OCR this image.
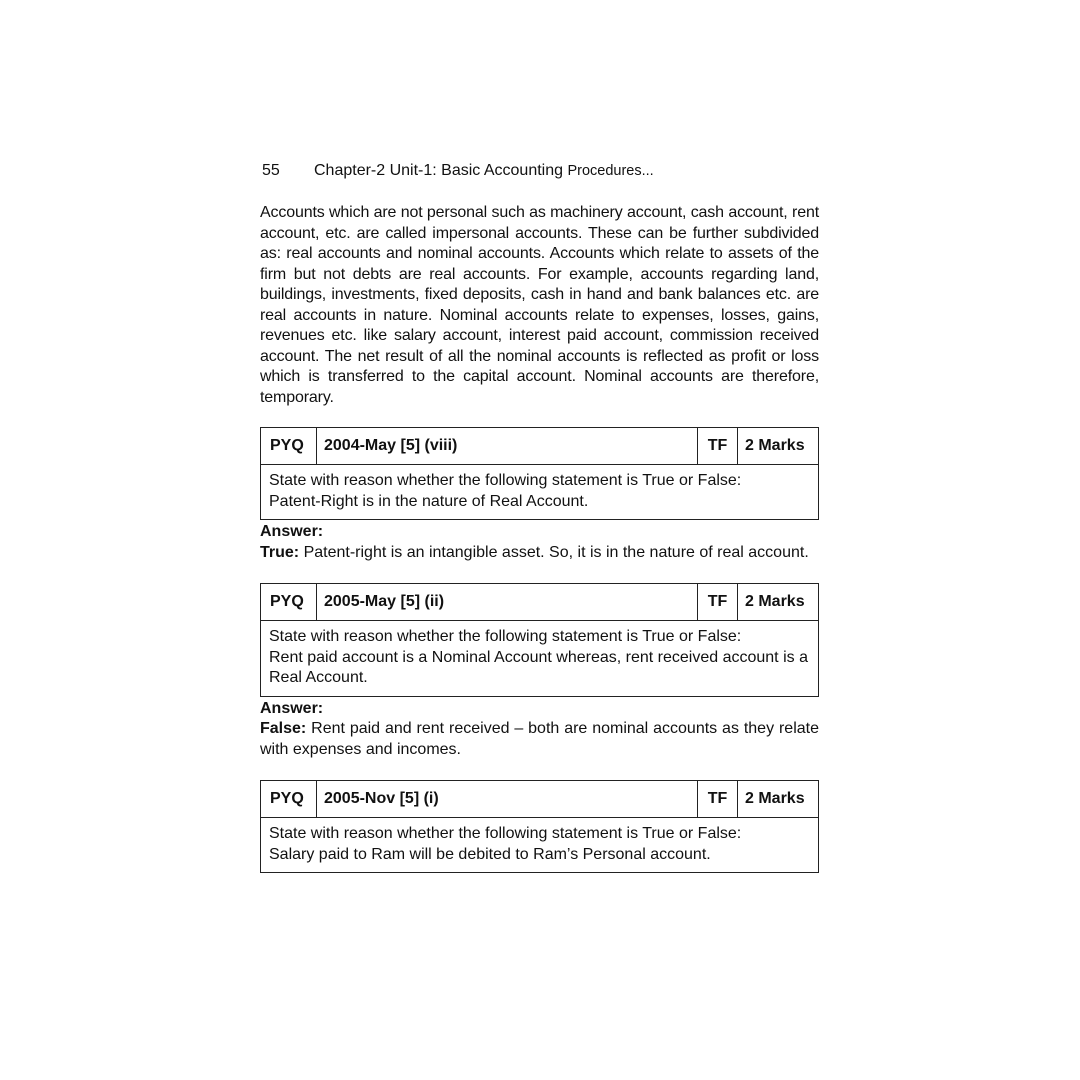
55 Chapter-2 Unit-1: Basic Accounting Procedures...

Accounts which are not personal such as machinery account, cash account, rent account, etc. are called impersonal accounts. These can be further subdivided as: real accounts and nominal accounts. Accounts which relate to assets of the firm but not debts are real accounts. For example, accounts regarding land, buildings, investments, fixed deposits, cash in hand and bank balances etc. are real accounts in nature. Nominal accounts relate to expenses, losses, gains, revenues etc. like salary account, interest paid account, commission received account. The net result of all the nominal accounts is reflected as profit or loss which is transferred to the capital account. Nominal accounts are therefore, temporary.

PYQ	2004-May [5] (viii)	TF	2 Marks
State with reason whether the following statement is True or False:
Patent-Right is in the nature of Real Account.
Answer:
True: Patent-right is an intangible asset. So, it is in the nature of real account.
PYQ	2005-May [5] (ii)	TF	2 Marks
State with reason whether the following statement is True or False:
Rent paid account is a Nominal Account whereas, rent received account is a Real Account.
Answer:
False: Rent paid and rent received – both are nominal accounts as they relate with expenses and incomes.
PYQ	2005-Nov [5] (i)	TF	2 Marks
State with reason whether the following statement is True or False:
Salary paid to Ram will be debited to Ram’s Personal account.
